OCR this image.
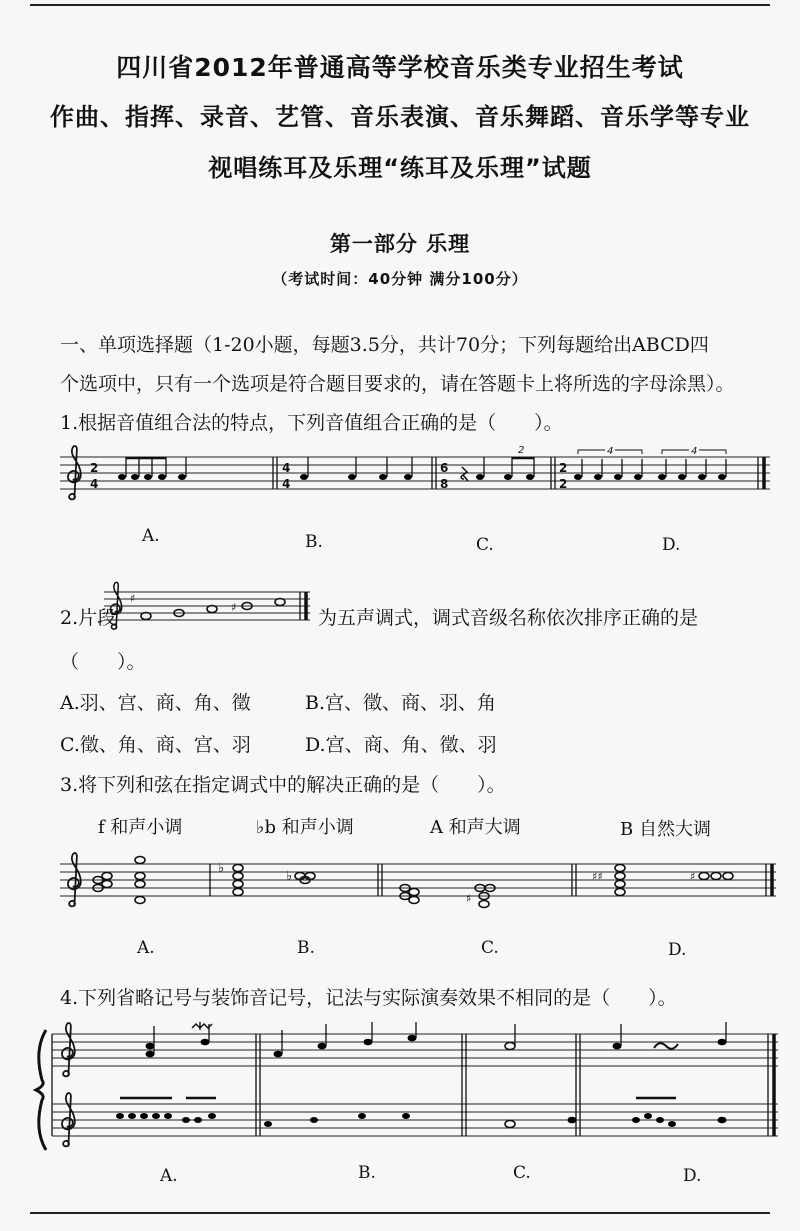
四川省2012年普通高等学校音乐类专业招生考试
作曲、指挥、录音、艺管、音乐表演、音乐舞蹈、音乐学等专业
视唱练耳及乐理“练耳及乐理”试题
第一部分 乐理
（考试时间：40分钟 满分100分）
一、单项选择题（1-20小题，每题3.5分，共计70分；下列每题给出ABCD四
个选项中，只有一个选项是符合题目要求的，请在答题卡上将所选的字母涂黑）。
1.根据音值组合法的特点，下列音值组合正确的是（　　）。
2
4
4
4
6
8
2
2
2
4	4
A.	B.	C.	D.
2.片段
♯
♯	为五声调式，调式音级名称依次排序正确的是
（　　）。
A.羽、宫、商、角、徵	B.宫、徵、商、羽、角
C.徵、角、商、宫、羽	D.宫、商、角、徵、羽
3.将下列和弦在指定调式中的解决正确的是（　　）。
f 和声小调	♭b 和声小调	A 和声大调	B 自然大调
♭
♭
♯
♯♯	♯
A.	B.	C.	D.
4.下列省略记号与装饰音记号，记法与实际演奏效果不相同的是（　　）。
A.	B.	C.	D.
